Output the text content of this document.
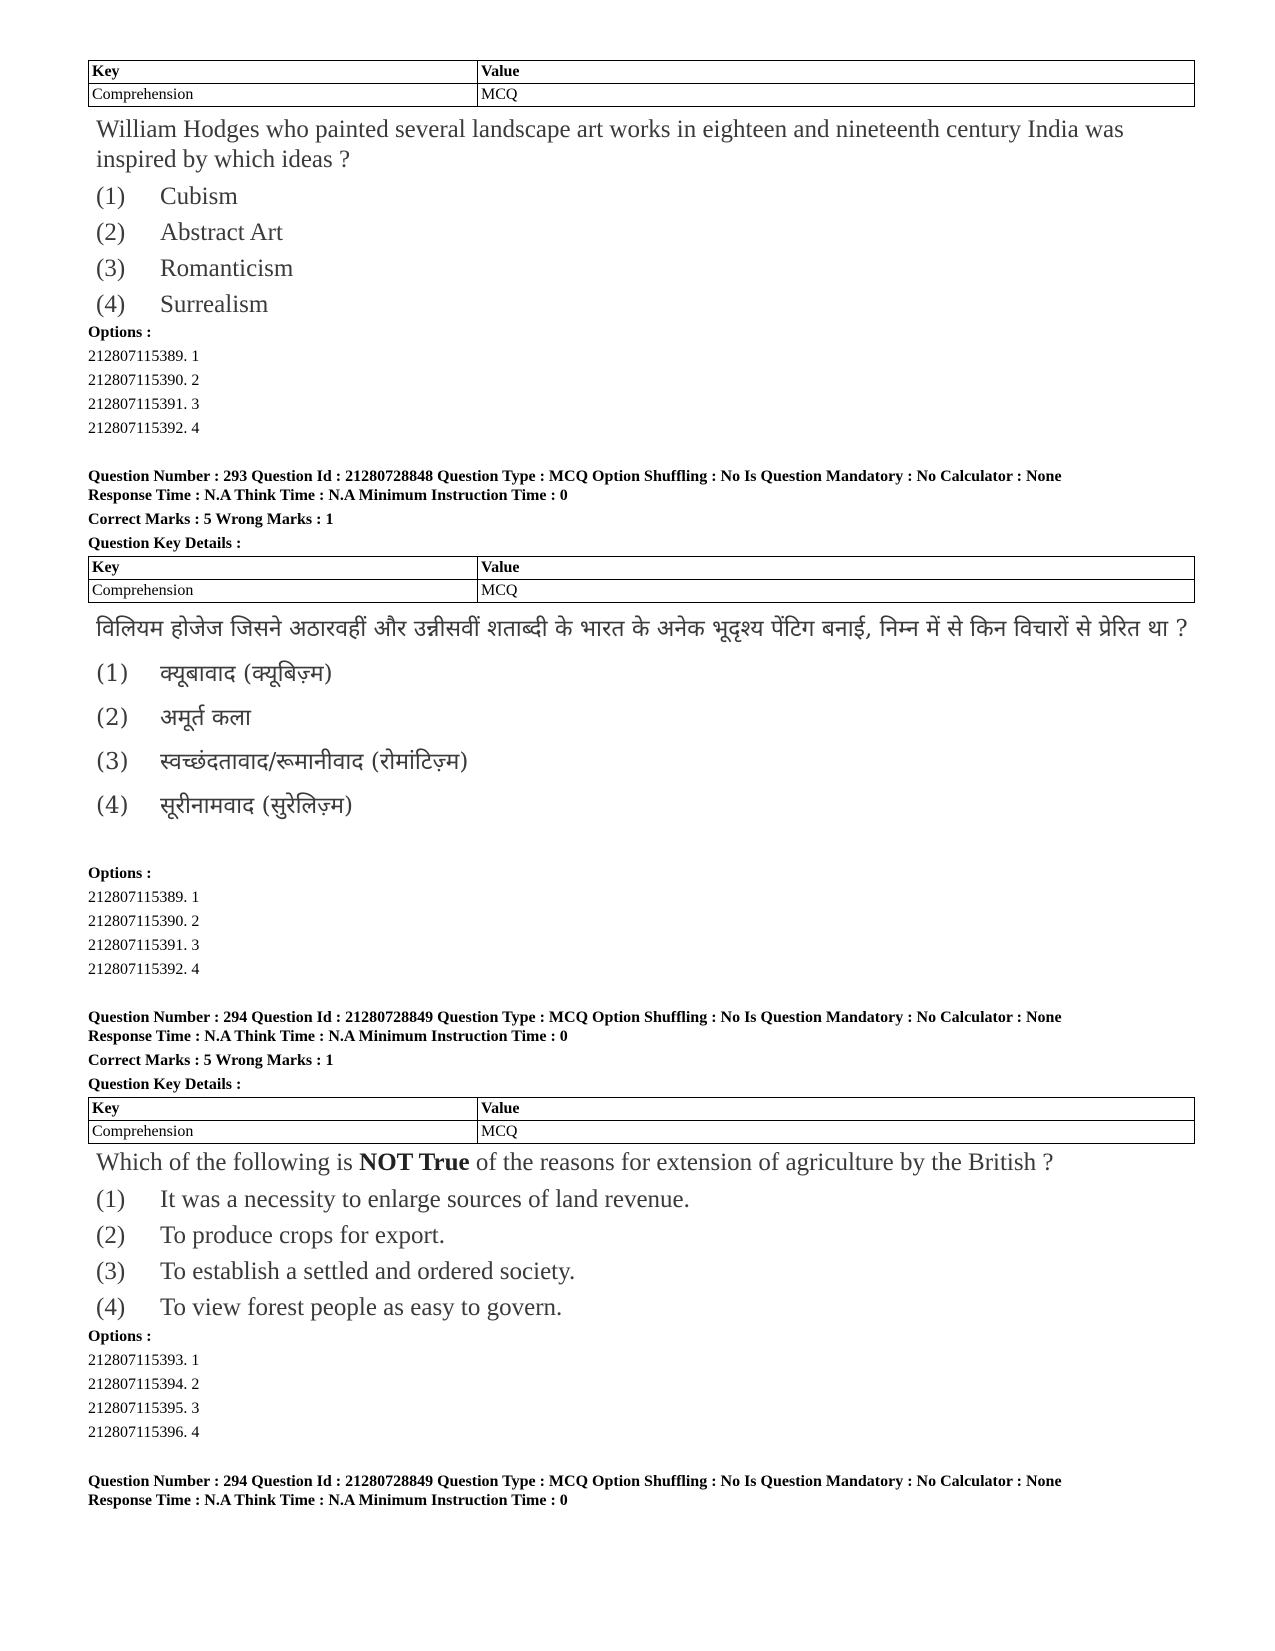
Key	Value
Comprehension	MCQ
William Hodges who painted several landscape art works in eighteen and nineteenth century India was inspired by which ideas ?
(1) Cubism
(2) Abstract Art
(3) Romanticism
(4) Surrealism
Options :
212807115389. 1
212807115390. 2
212807115391. 3
212807115392. 4
Question Number : 293 Question Id : 21280728848 Question Type : MCQ Option Shuffling : No Is Question Mandatory : No Calculator : None
Response Time : N.A Think Time : N.A Minimum Instruction Time : 0
Correct Marks : 5 Wrong Marks : 1
Question Key Details :
Key	Value
Comprehension	MCQ
विलियम होजेज जिसने अठारवहीं और उन्नीसवीं शताब्दी के भारत के अनेक भूदृश्य पेंटिग बनाई, निम्न में से किन विचारों से प्रेरित था ?
(1) क्यूबावाद (क्यूबिज़्म)
(2) अमूर्त कला
(3) स्वच्छंदतावाद/रूमानीवाद (रोमांटिज़्म)
(4) सूरीनामवाद (सुरेलिज़्म)
Options :
212807115389. 1
212807115390. 2
212807115391. 3
212807115392. 4
Question Number : 294 Question Id : 21280728849 Question Type : MCQ Option Shuffling : No Is Question Mandatory : No Calculator : None
Response Time : N.A Think Time : N.A Minimum Instruction Time : 0
Correct Marks : 5 Wrong Marks : 1
Question Key Details :
Key	Value
Comprehension	MCQ
Which of the following is NOT True of the reasons for extension of agriculture by the British ?
(1) It was a necessity to enlarge sources of land revenue.
(2) To produce crops for export.
(3) To establish a settled and ordered society.
(4) To view forest people as easy to govern.
Options :
212807115393. 1
212807115394. 2
212807115395. 3
212807115396. 4
Question Number : 294 Question Id : 21280728849 Question Type : MCQ Option Shuffling : No Is Question Mandatory : No Calculator : None
Response Time : N.A Think Time : N.A Minimum Instruction Time : 0
